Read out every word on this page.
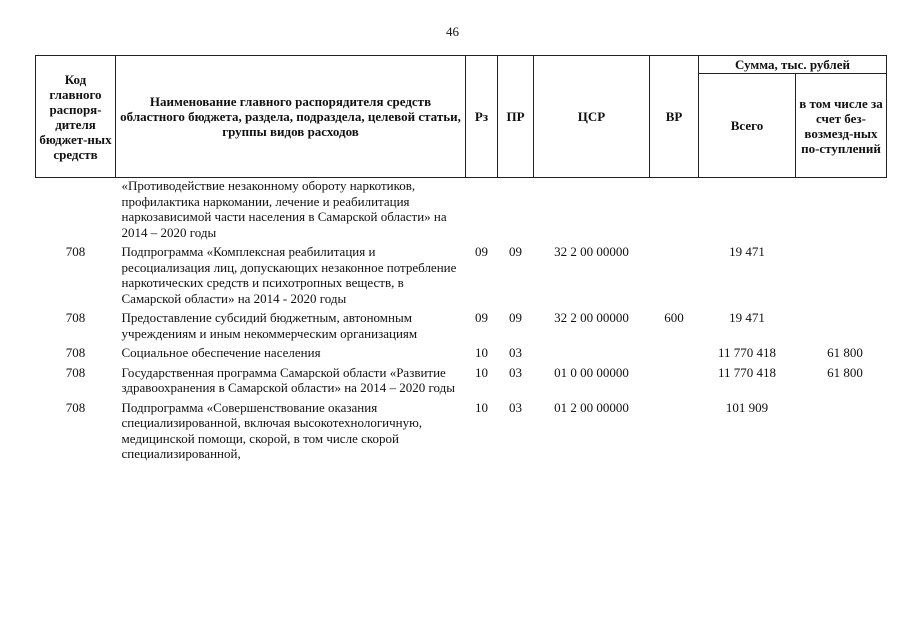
46
Код главного распоря-дителя бюджет-ных средств	Наименование главного распорядителя средств областного бюджета, раздела, подраздела, целевой статьи, группы видов расходов	Рз	ПР	ЦСР	ВР	Сумма, тыс. рублей	
						Всего	в том числе за счет без-возмезд-ных по-ступлений
	«Противодействие незаконному обороту наркотиков, профилактика наркомании, лечение и реабилитация наркозависимой части населения в Самарской области» на 2014 – 2020 годы						
708	Подпрограмма «Комплексная реабилитация и ресоциализация лиц, допускающих незаконное потребление наркотических средств и психотропных веществ, в Самарской области» на 2014 - 2020 годы	09	09	32 2 00 00000		19 471	
708	Предоставление субсидий бюджетным, автономным учреждениям и иным некоммерческим организациям	09	09	32 2 00 00000	600	19 471	
708	Социальное обеспечение населения	10	03			11 770 418	61 800
708	Государственная программа Самарской области «Развитие здравоохранения в Самарской области» на 2014 – 2020 годы	10	03	01 0 00 00000		11 770 418	61 800
708	Подпрограмма «Совершенствование оказания специализированной, включая высокотехнологичную, медицинской помощи, скорой, в том числе скорой специализированной,	10	03	01 2 00 00000		101 909	
